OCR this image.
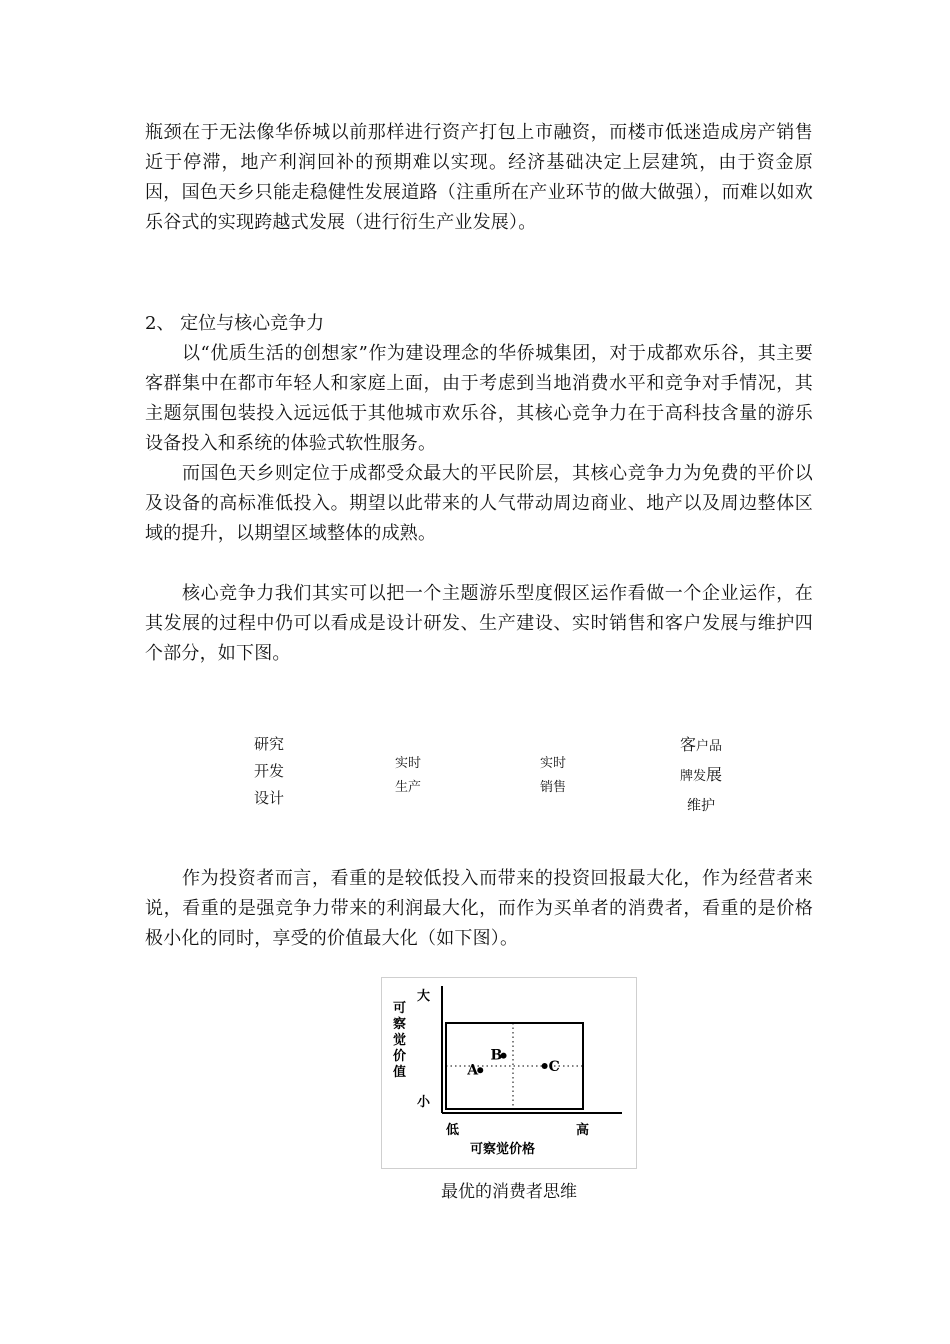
瓶颈在于无法像华侨城以前那样进行资产打包上市融资，而楼市低迷造成房产销售近于停滞，地产利润回补的预期难以实现。经济基础决定上层建筑，由于资金原因，国色天乡只能走稳健性发展道路（注重所在产业环节的做大做强），而难以如欢乐谷式的实现跨越式发展（进行衍生产业发展）。

2、 定位与核心竞争力

以“优质生活的创想家”作为建设理念的华侨城集团，对于成都欢乐谷，其主要客群集中在都市年轻人和家庭上面，由于考虑到当地消费水平和竞争对手情况，其主题氛围包装投入远远低于其他城市欢乐谷，其核心竞争力在于高科技含量的游乐设备投入和系统的体验式软性服务。

而国色天乡则定位于成都受众最大的平民阶层，其核心竞争力为免费的平价以及设备的高标准低投入。期望以此带来的人气带动周边商业、地产以及周边整体区域的提升，以期望区域整体的成熟。

核心竞争力我们其实可以把一个主题游乐型度假区运作看做一个企业运作，在其发展的过程中仍可以看成是设计研发、生产建设、实时销售和客户发展与维护四个部分，如下图。

研究
开发
设计
实时
生产
实时
销售
客户品
牌发展
维护

作为投资者而言，看重的是较低投入而带来的投资回报最大化，作为经营者来说，看重的是强竞争力带来的利润最大化，而作为买单者的消费者，看重的是价格极小化的同时，享受的价值最大化（如下图）。

大
小
可
察
觉
价
值
低	高
可察觉价格
A
B
C
最优的消费者思维
